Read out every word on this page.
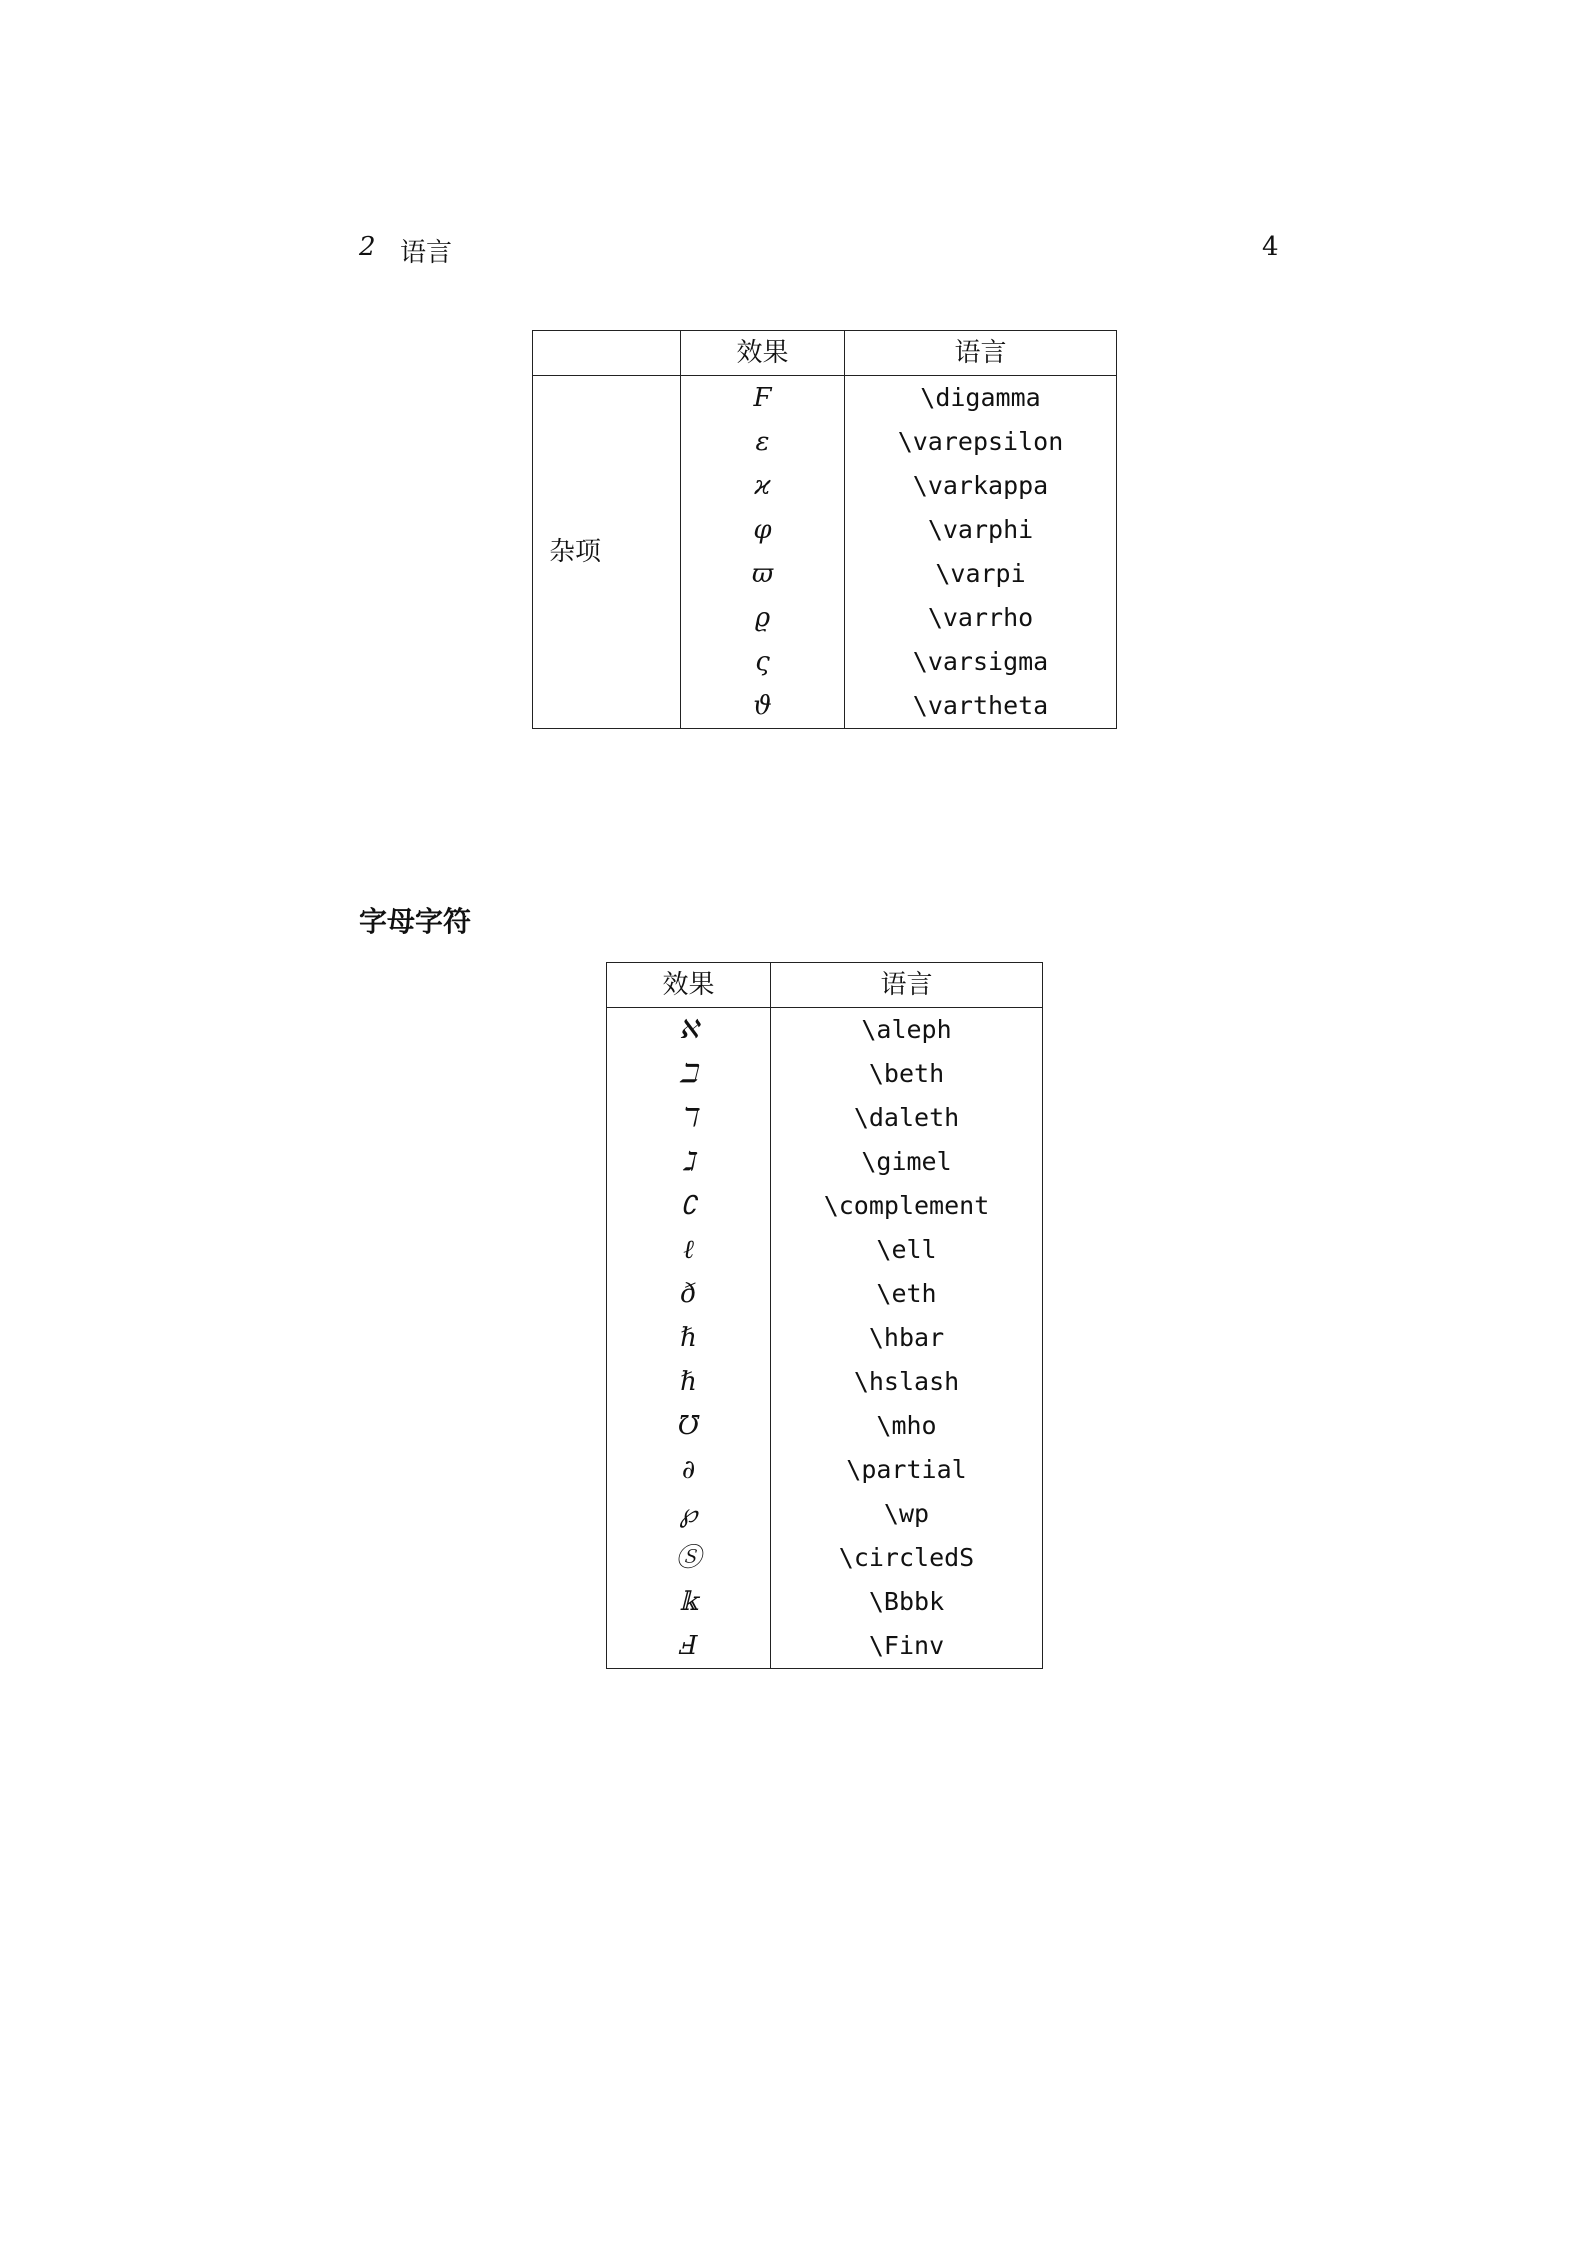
2 语言	4
	效果	语言
杂项	Ϝ	\digamma
	ε	\varepsilon
	ϰ	\varkappa
	φ	\varphi
	ϖ	\varpi
	ϱ	\varrho
	ς	\varsigma
	ϑ	\vartheta
字母字符
效果	语言
ℵ	\aleph
ℶ	\beth
ℸ	\daleth
ℷ	\gimel
∁	\complement
ℓ	\ell
ð	\eth
ℏ	\hbar
ℏ	\hslash
℧	\mho
∂	\partial
℘	\wp
Ⓢ	\circledS
𝕜	\Bbbk
Ⅎ	\Finv
